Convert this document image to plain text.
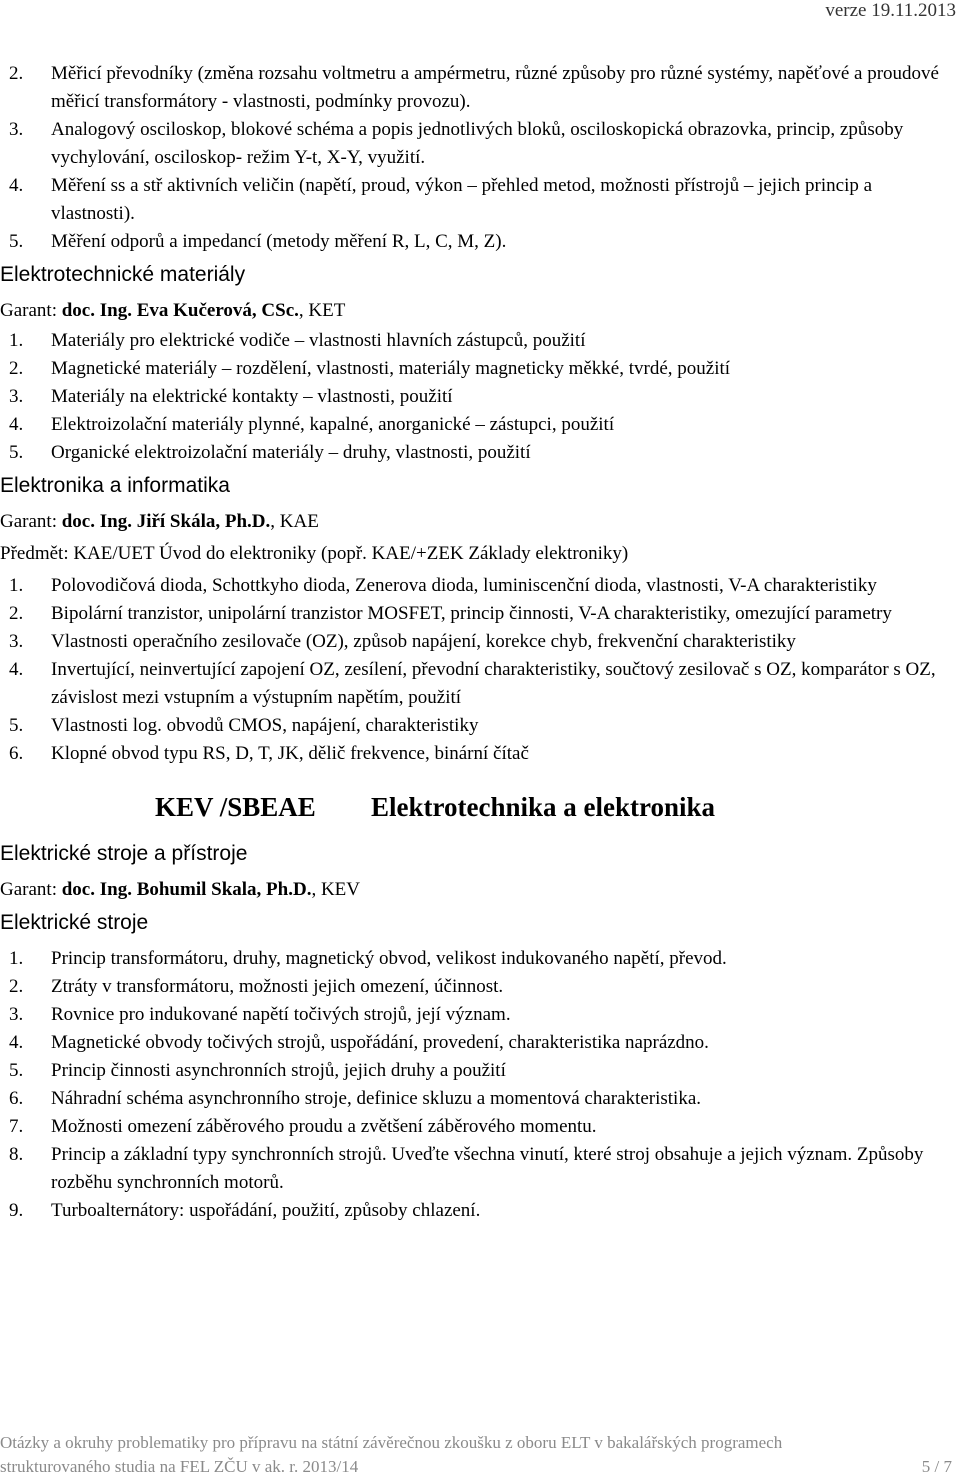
verze 19.11.2013
2 . Měřicí převodníky (změna rozsahu voltmetru a ampérmetru, různé způsoby pro různé systémy, napěťové a proudové měřicí transformátory - vlastnosti, podmínky provozu).
3 . Analogový osciloskop, blokové schéma a popis jednotlivých bloků, osciloskopická obrazovka, princip, způsoby vychylování, osciloskop- režim Y-t, X-Y, využití.
4 . Měření ss a stř aktivních veličin (napětí, proud, výkon – přehled metod, možnosti přístrojů – jejich princip a vlastnosti).
5 . Měření odporů a impedancí (metody měření R, L, C, M, Z).
Elektrotechnické materiály
Garant: doc. Ing. Eva Kučerová, CSc., KET
1 . Materiály pro elektrické vodiče – vlastnosti hlavních zástupců, použití
2 . Magnetické materiály – rozdělení, vlastnosti, materiály magneticky měkké, tvrdé, použití
3 . Materiály na elektrické kontakty – vlastnosti, použití
4 . Elektroizolační materiály plynné, kapalné, anorganické – zástupci, použití
5 . Organické elektroizolační materiály – druhy, vlastnosti, použití
Elektronika a informatika
Garant: doc. Ing. Jiří Skála, Ph.D., KAE
Předmět: KAE/UET Úvod do elektroniky (popř. KAE/+ZEK Základy elektroniky)
1 . Polovodičová dioda, Schottkyho dioda, Zenerova dioda, luminiscenční dioda, vlastnosti, V-A charakteristiky
2 . Bipolární tranzistor, unipolární tranzistor MOSFET, princip činnosti, V-A charakteristiky, omezující parametry
3 . Vlastnosti operačního zesilovače (OZ), způsob napájení, korekce chyb, frekvenční charakteristiky
4 . Invertující, neinvertující zapojení OZ, zesílení, převodní charakteristiky, součtový zesilovač s OZ, komparátor s OZ, závislost mezi vstupním a výstupním napětím, použití
5 . Vlastnosti log. obvodů CMOS, napájení, charakteristiky
6 . Klopné obvod typu RS, D, T, JK, dělič frekvence, binární čítač
KEV /SBEAE Elektrotechnika a elektronika
Elektrické stroje a přístroje
Garant: doc. Ing. Bohumil Skala, Ph.D., KEV
Elektrické stroje
1 . Princip transformátoru, druhy, magnetický obvod, velikost indukovaného napětí, převod.
2 . Ztráty v transformátoru, možnosti jejich omezení, účinnost.
3 . Rovnice pro indukované napětí točivých strojů, její význam.
4 . Magnetické obvody točivých strojů, uspořádání, provedení, charakteristika naprázdno.
5 . Princip činnosti asynchronních strojů, jejich druhy a použití
6 . Náhradní schéma asynchronního stroje, definice skluzu a momentová charakteristika.
7 . Možnosti omezení záběrového proudu a zvětšení záběrového momentu.
8 . Princip a základní typy synchronních strojů. Uveďte všechna vinutí, které stroj obsahuje a jejich význam. Způsoby rozběhu synchronních motorů.
9 . Turboalternátory: uspořádání, použití, způsoby chlazení.
Otázky a okruhy problematiky pro přípravu na státní závěrečnou zkoušku z oboru ELT v bakalářských programech
strukturovaného studia na FEL ZČU v ak. r. 2013/14	5 / 7
